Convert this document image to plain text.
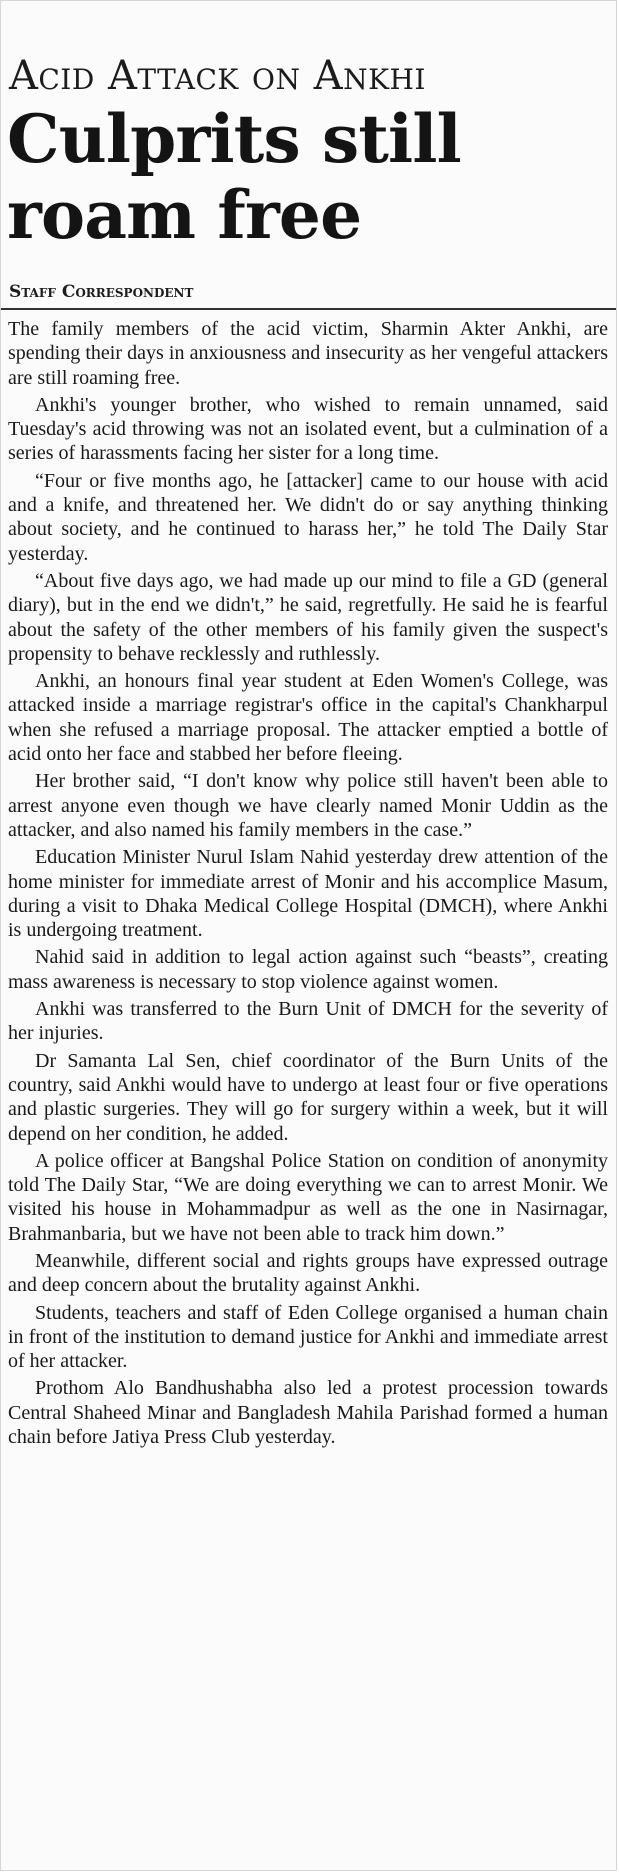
Acid Attack on Ankhi
Culprits still roam free
Staff Correspondent

The family members of the acid victim, Sharmin Akter Ankhi, are spending their days in anxiousness and insecurity as her vengeful attackers are still roaming free.

Ankhi's younger brother, who wished to remain unnamed, said Tuesday's acid throwing was not an isolated event, but a culmination of a series of harassments facing her sister for a long time.

“Four or five months ago, he [attacker] came to our house with acid and a knife, and threatened her. We didn't do or say anything thinking about society, and he continued to harass her,” he told The Daily Star yesterday.

“About five days ago, we had made up our mind to file a GD (general diary), but in the end we didn't,” he said, regretfully. He said he is fearful about the safety of the other members of his family given the suspect's propensity to behave recklessly and ruthlessly.

Ankhi, an honours final year student at Eden Women's College, was attacked inside a marriage registrar's office in the capital's Chankharpul when she refused a marriage proposal. The attacker emptied a bottle of acid onto her face and stabbed her before fleeing.

Her brother said, “I don't know why police still haven't been able to arrest anyone even though we have clearly named Monir Uddin as the attacker, and also named his family members in the case.”

Education Minister Nurul Islam Nahid yesterday drew attention of the home minister for immediate arrest of Monir and his accomplice Masum, during a visit to Dhaka Medical College Hospital (DMCH), where Ankhi is undergoing treatment.

Nahid said in addition to legal action against such “beasts”, creating mass awareness is necessary to stop violence against women.

Ankhi was transferred to the Burn Unit of DMCH for the severity of her injuries.

Dr Samanta Lal Sen, chief coordinator of the Burn Units of the country, said Ankhi would have to undergo at least four or five operations and plastic surgeries. They will go for surgery within a week, but it will depend on her condition, he added.

A police officer at Bangshal Police Station on condition of anonymity told The Daily Star, “We are doing everything we can to arrest Monir. We visited his house in Mohammadpur as well as the one in Nasirnagar, Brahmanbaria, but we have not been able to track him down.”

Meanwhile, different social and rights groups have expressed outrage and deep concern about the brutality against Ankhi.

Students, teachers and staff of Eden College organised a human chain in front of the institution to demand justice for Ankhi and immediate arrest of her attacker.

Prothom Alo Bandhushabha also led a protest procession towards Central Shaheed Minar and Bangladesh Mahila Parishad formed a human chain before Jatiya Press Club yesterday.
